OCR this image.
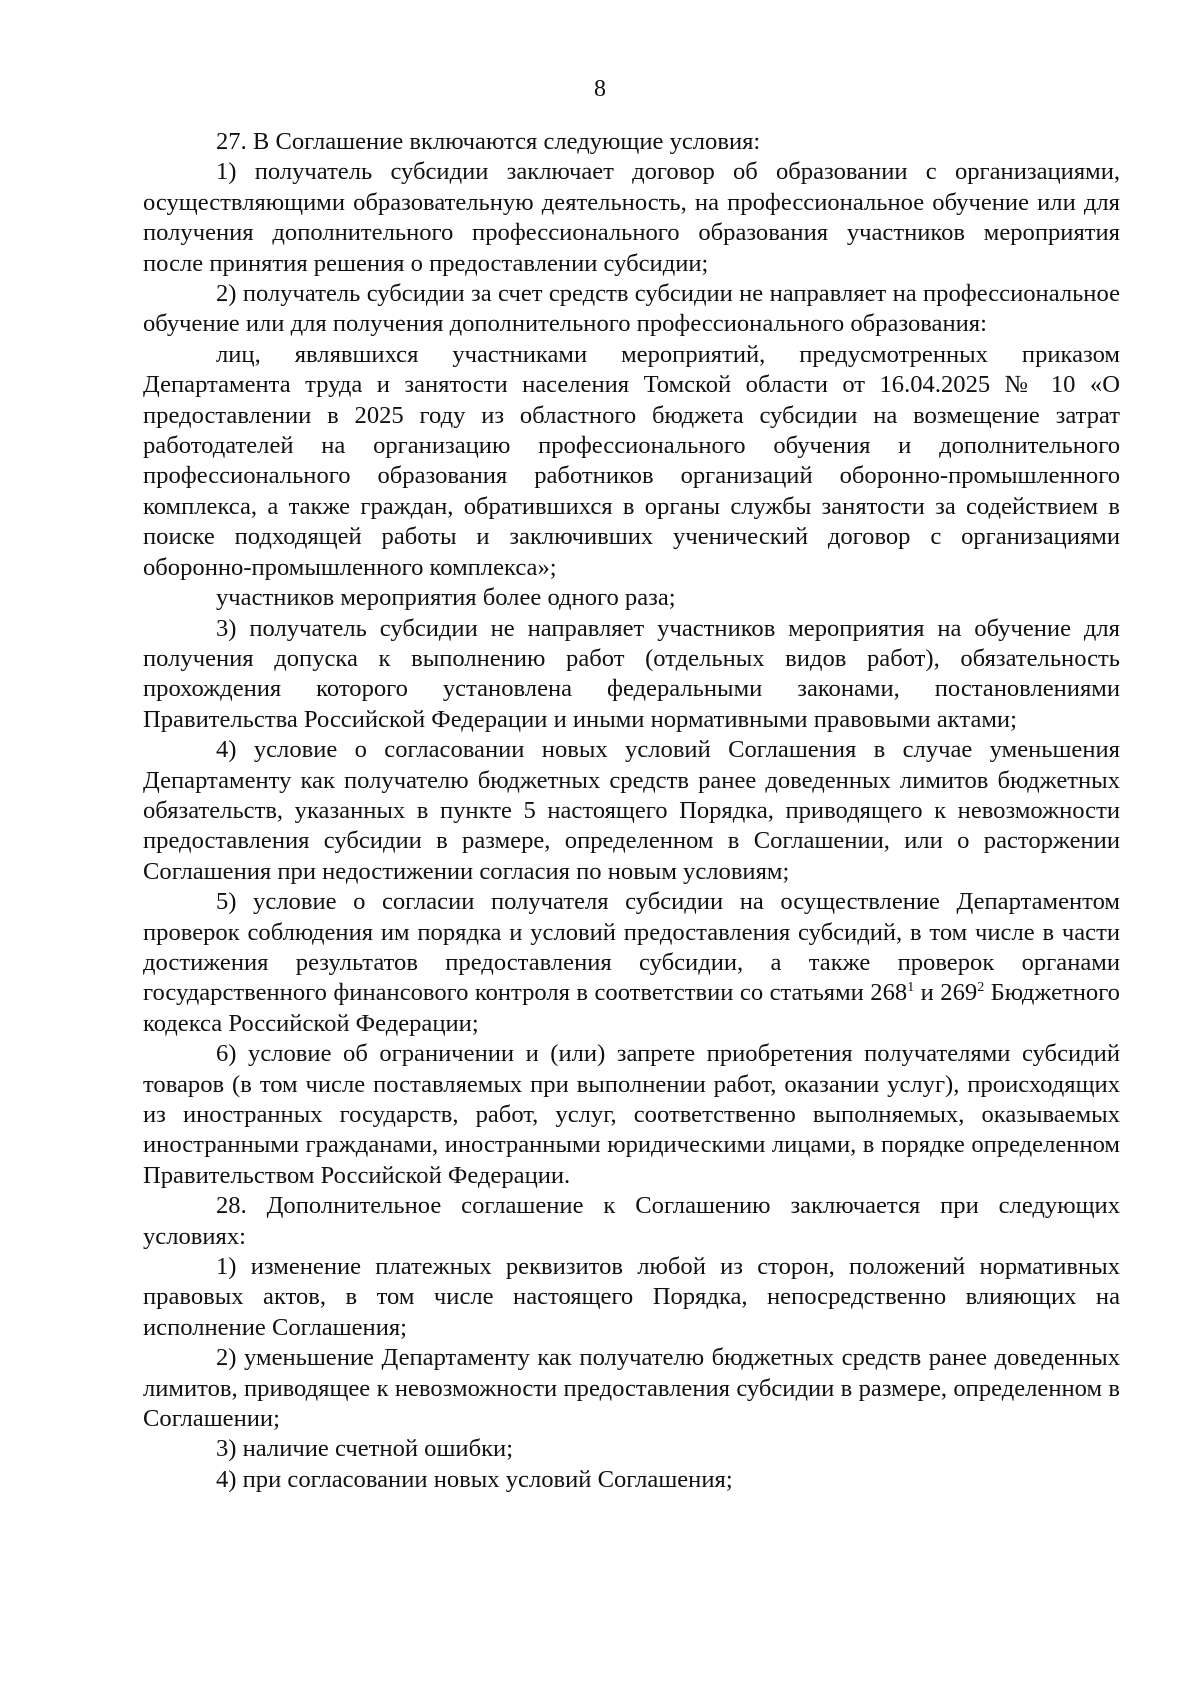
8

27. В Соглашение включаются следующие условия:

1) получатель субсидии заключает договор об образовании с организациями, осуществляющими образовательную деятельность, на профессиональное обучение или для получения дополнительного профессионального образования участников мероприятия после принятия решения о предоставлении субсидии;

2) получатель субсидии за счет средств субсидии не направляет на профессиональное обучение или для получения дополнительного профессионального образования:

лиц, являвшихся участниками мероприятий, предусмотренных приказом Департамента труда и занятости населения Томской области от 16.04.2025 № 10 «О предоставлении в 2025 году из областного бюджета субсидии на возмещение затрат работодателей на организацию профессионального обучения и дополнительного профессионального образования работников организаций оборонно-промышленного комплекса, а также граждан, обратившихся в органы службы занятости за содействием в поиске подходящей работы и заключивших ученический договор с организациями оборонно-промышленного комплекса»;

участников мероприятия более одного раза;

3) получатель субсидии не направляет участников мероприятия на обучение для получения допуска к выполнению работ (отдельных видов работ), обязательность прохождения которого установлена федеральными законами, постановлениями Правительства Российской Федерации и иными нормативными правовыми актами;

4) условие о согласовании новых условий Соглашения в случае уменьшения Департаменту как получателю бюджетных средств ранее доведенных лимитов бюджетных обязательств, указанных в пункте 5 настоящего Порядка, приводящего к невозможности предоставления субсидии в размере, определенном в Соглашении, или о расторжении Соглашения при недостижении согласия по новым условиям;

5) условие о согласии получателя субсидии на осуществление Департаментом проверок соблюдения им порядка и условий предоставления субсидий, в том числе в части достижения результатов предоставления субсидии, а также проверок органами государственного финансового контроля в соответствии со статьями $268^1$ и $269^2$ Бюджетного кодекса Российской Федерации;

6) условие об ограничении и (или) запрете приобретения получателями субсидий товаров (в том числе поставляемых при выполнении работ, оказании услуг), происходящих из иностранных государств, работ, услуг, соответственно выполняемых, оказываемых иностранными гражданами, иностранными юридическими лицами, в порядке определенном Правительством Российской Федерации.

28. Дополнительное соглашение к Соглашению заключается при следующих условиях:

1) изменение платежных реквизитов любой из сторон, положений нормативных правовых актов, в том числе настоящего Порядка, непосредственно влияющих на исполнение Соглашения;

2) уменьшение Департаменту как получателю бюджетных средств ранее доведенных лимитов, приводящее к невозможности предоставления субсидии в размере, определенном в Соглашении;

3) наличие счетной ошибки;

4) при согласовании новых условий Соглашения;
